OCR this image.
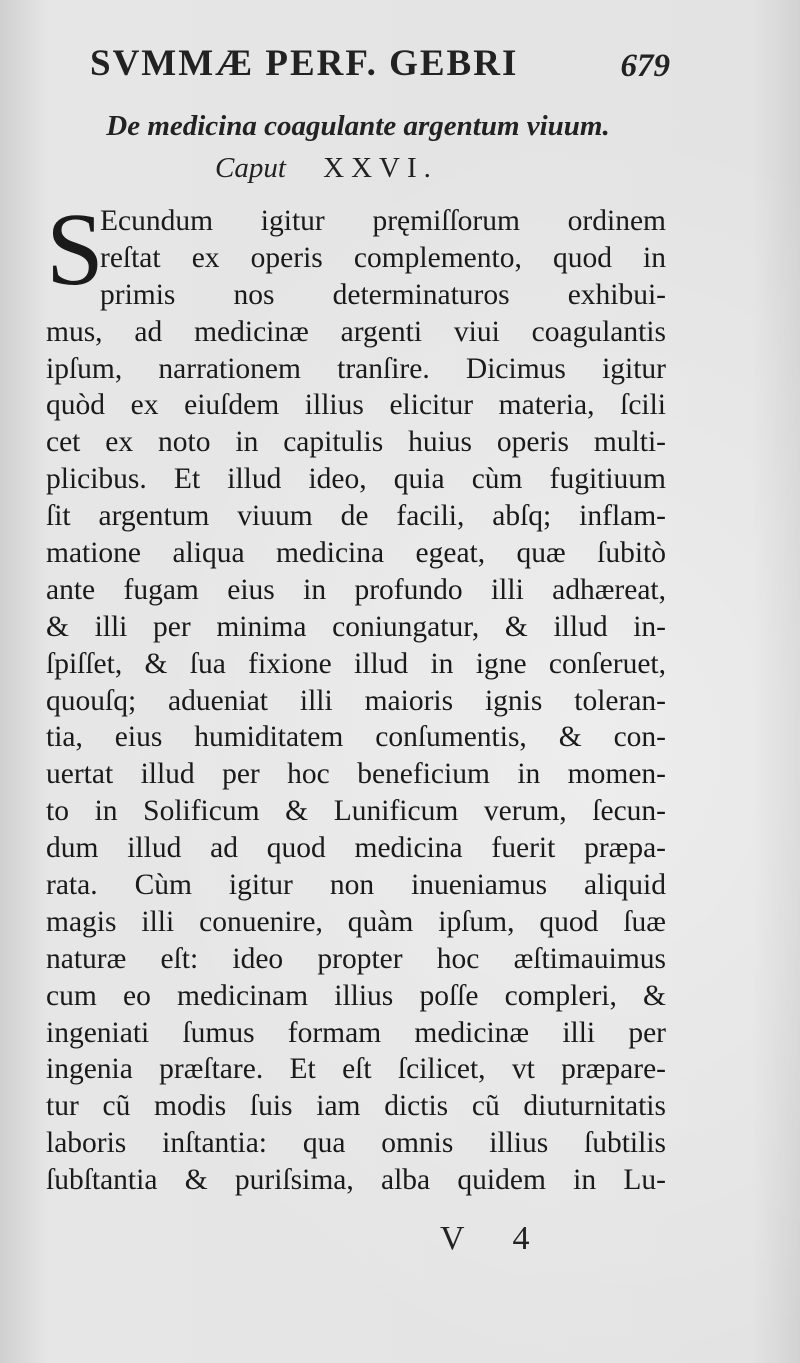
SVMMÆ PERF. GEBRI	679
De medicina coagulante argentum viuum.
Caput XXVI.
S
Ecundum igitur pręmiſſorum ordinem
reſtat ex operis complemento, quod in
primis nos determinaturos exhibui-
mus, ad medicinæ argenti viui coagulantis
ipſum, narrationem tranſire. Dicimus igitur
quòd ex eiuſdem illius elicitur materia, ſcili
cet ex noto in capitulis huius operis multi-
plicibus. Et illud ideo, quia cùm fugitiuum
ſit argentum viuum de facili, abſq; inflam-
matione aliqua medicina egeat, quæ ſubitò
ante fugam eius in profundo illi adhæreat,
& illi per minima coniungatur, & illud in-
ſpiſſet, & ſua fixione illud in igne conſeruet,
quouſq; adueniat illi maioris ignis toleran-
tia, eius humiditatem conſumentis, & con-
uertat illud per hoc beneficium in momen-
to in Solificum & Lunificum verum, ſecun-
dum illud ad quod medicina fuerit præpa-
rata. Cùm igitur non inueniamus aliquid
magis illi conuenire, quàm ipſum, quod ſuæ
naturæ eſt: ideo propter hoc æſtimauimus
cum eo medicinam illius poſſe compleri, &
ingeniati ſumus formam medicinæ illi per
ingenia præſtare. Et eſt ſcilicet, vt præpare-
tur cũ modis ſuis iam dictis cũ diuturnitatis
laboris inſtantia: qua omnis illius ſubtilis
ſubſtantia & puriſsima, alba quidem in Lu-
V 4
